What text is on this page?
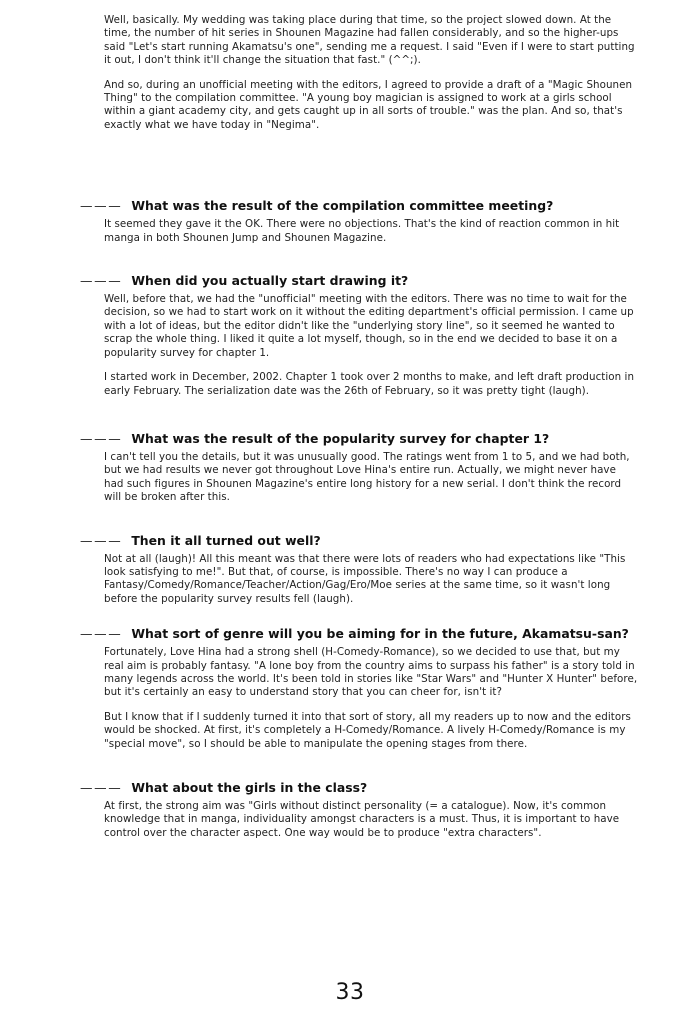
Well, basically. My wedding was taking place during that time, so the project slowed down. At the time, the number of hit series in Shounen Magazine had fallen considerably, and so the higher-ups said "Let's start running Akamatsu's one", sending me a request. I said "Even if I were to start putting it out, I don't think it'll change the situation that fast." (^^;).

And so, during an unofficial meeting with the editors, I agreed to provide a draft of a "Magic Shounen Thing" to the compilation committee. "A young boy magician is assigned to work at a girls school within a giant academy city, and gets caught up in all sorts of trouble." was the plan. And so, that's exactly what we have today in "Negima".

——— What was the result of the compilation committee meeting?

It seemed they gave it the OK. There were no objections. That's the kind of reaction common in hit manga in both Shounen Jump and Shounen Magazine.

——— When did you actually start drawing it?

Well, before that, we had the "unofficial" meeting with the editors. There was no time to wait for the decision, so we had to start work on it without the editing department's official permission. I came up with a lot of ideas, but the editor didn't like the "underlying story line", so it seemed he wanted to scrap the whole thing. I liked it quite a lot myself, though, so in the end we decided to base it on a popularity survey for chapter 1.

I started work in December, 2002. Chapter 1 took over 2 months to make, and left draft production in early February. The serialization date was the 26th of February, so it was pretty tight (laugh).

——— What was the result of the popularity survey for chapter 1?

I can't tell you the details, but it was unusually good. The ratings went from 1 to 5, and we had both, but we had results we never got throughout Love Hina's entire run. Actually, we might never have had such figures in Shounen Magazine's entire long history for a new serial. I don't think the record will be broken after this.

——— Then it all turned out well?

Not at all (laugh)! All this meant was that there were lots of readers who had expectations like "This look satisfying to me!". But that, of course, is impossible. There's no way I can produce a Fantasy/Comedy/Romance/Teacher/Action/Gag/Ero/Moe series at the same time, so it wasn't long before the popularity survey results fell (laugh).

——— What sort of genre will you be aiming for in the future, Akamatsu-san?

Fortunately, Love Hina had a strong shell (H-Comedy-Romance), so we decided to use that, but my real aim is probably fantasy. "A lone boy from the country aims to surpass his father" is a story told in many legends across the world. It's been told in stories like "Star Wars" and "Hunter X Hunter" before, but it's certainly an easy to understand story that you can cheer for, isn't it?

But I know that if I suddenly turned it into that sort of story, all my readers up to now and the editors would be shocked. At first, it's completely a H-Comedy/Romance. A lively H-Comedy/Romance is my "special move", so I should be able to manipulate the opening stages from there.

——— What about the girls in the class?

At first, the strong aim was "Girls without distinct personality (= a catalogue). Now, it's common knowledge that in manga, individuality amongst characters is a must. Thus, it is important to have control over the character aspect. One way would be to produce "extra characters".

33
